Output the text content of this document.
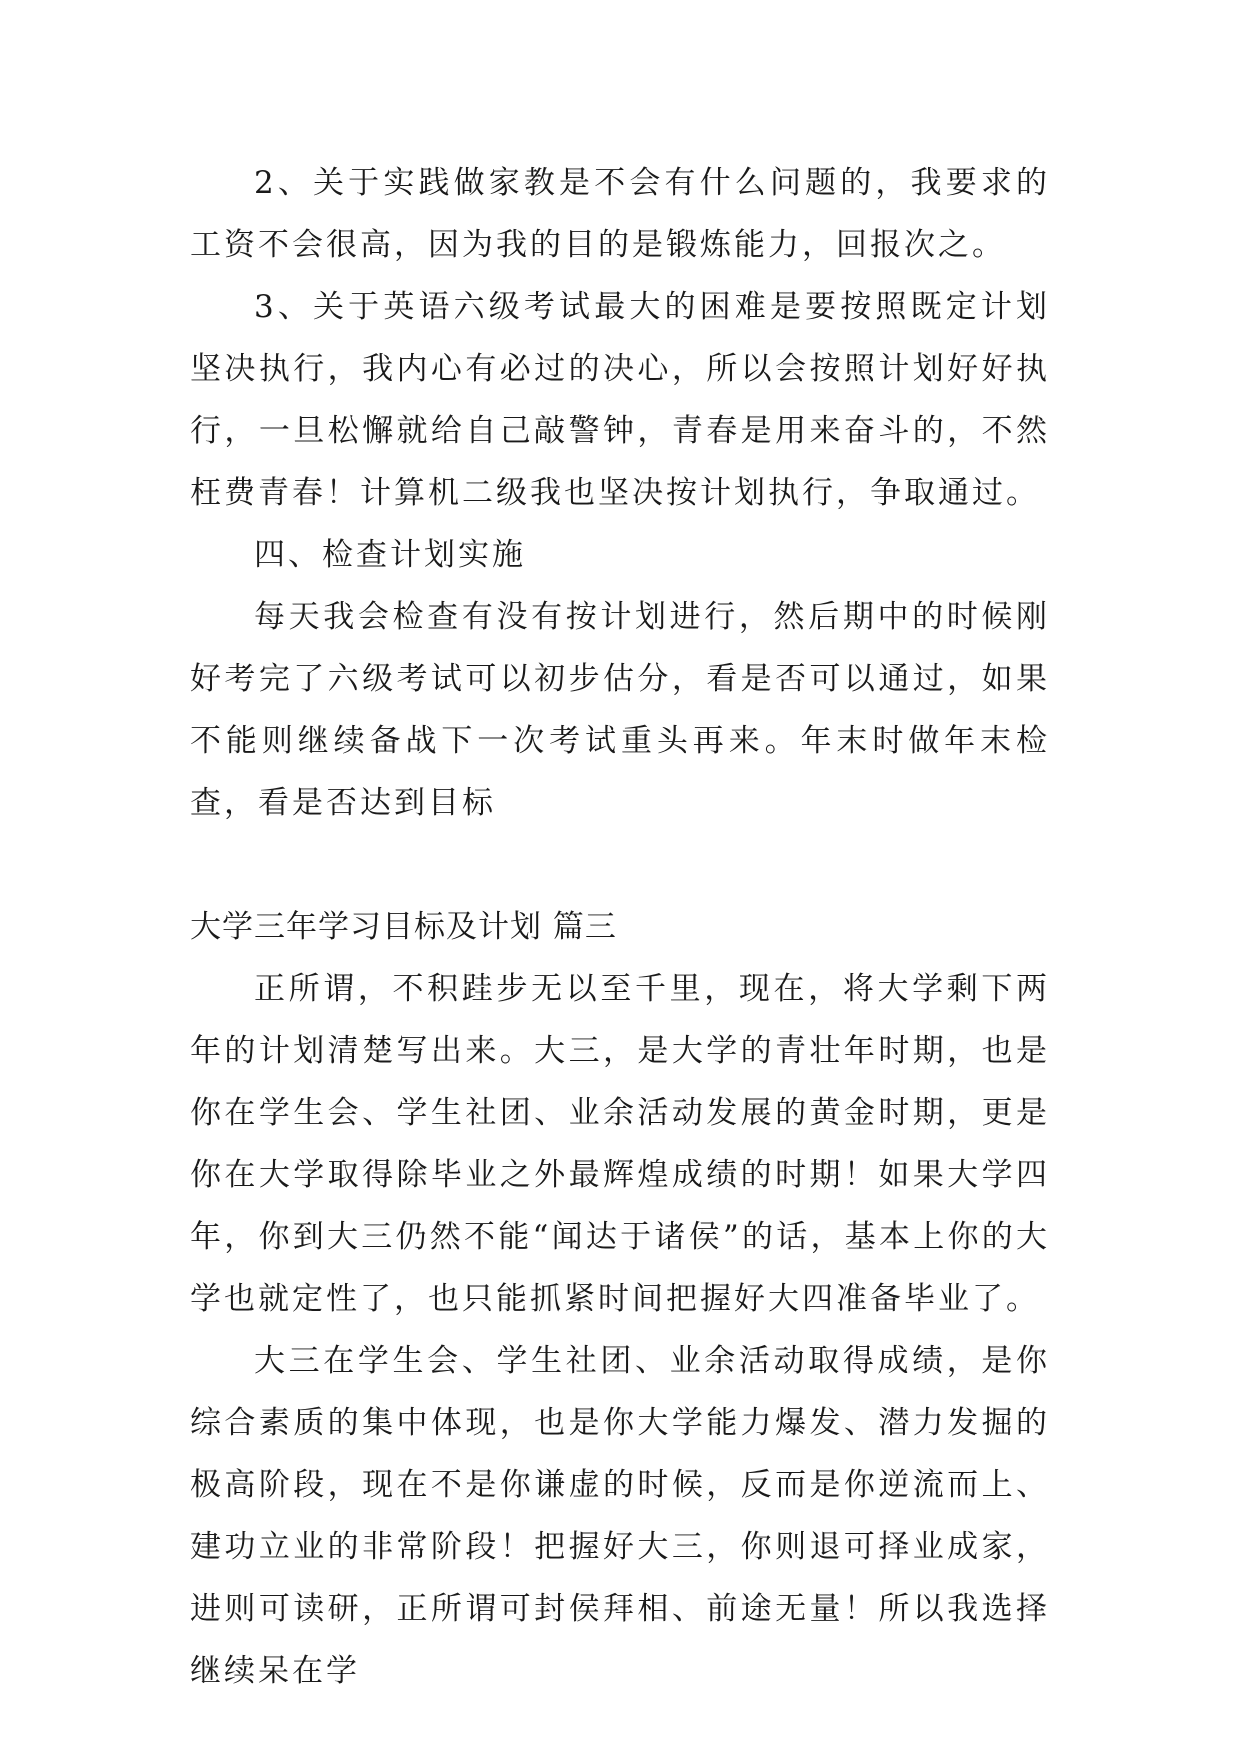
2、关于实践做家教是不会有什么问题的，我要求的工资不会很高，因为我的目的是锻炼能力，回报次之。

3、关于英语六级考试最大的困难是要按照既定计划坚决执行，我内心有必过的决心，所以会按照计划好好执行，一旦松懈就给自己敲警钟，青春是用来奋斗的，不然枉费青春！计算机二级我也坚决按计划执行，争取通过。

四、检查计划实施

每天我会检查有没有按计划进行，然后期中的时候刚好考完了六级考试可以初步估分，看是否可以通过，如果不能则继续备战下一次考试重头再来。年末时做年末检查，看是否达到目标

大学三年学习目标及计划 篇三

正所谓，不积跬步无以至千里，现在，将大学剩下两年的计划清楚写出来。大三，是大学的青壮年时期，也是你在学生会、学生社团、业余活动发展的黄金时期，更是你在大学取得除毕业之外最辉煌成绩的时期！如果大学四年，你到大三仍然不能“闻达于诸侯”的话，基本上你的大学也就定性了，也只能抓紧时间把握好大四准备毕业了。

大三在学生会、学生社团、业余活动取得成绩，是你综合素质的集中体现，也是你大学能力爆发、潜力发掘的极高阶段，现在不是你谦虚的时候，反而是你逆流而上、建功立业的非常阶段！把握好大三，你则退可择业成家，进则可读研，正所谓可封侯拜相、前途无量！所以我选择继续呆在学
